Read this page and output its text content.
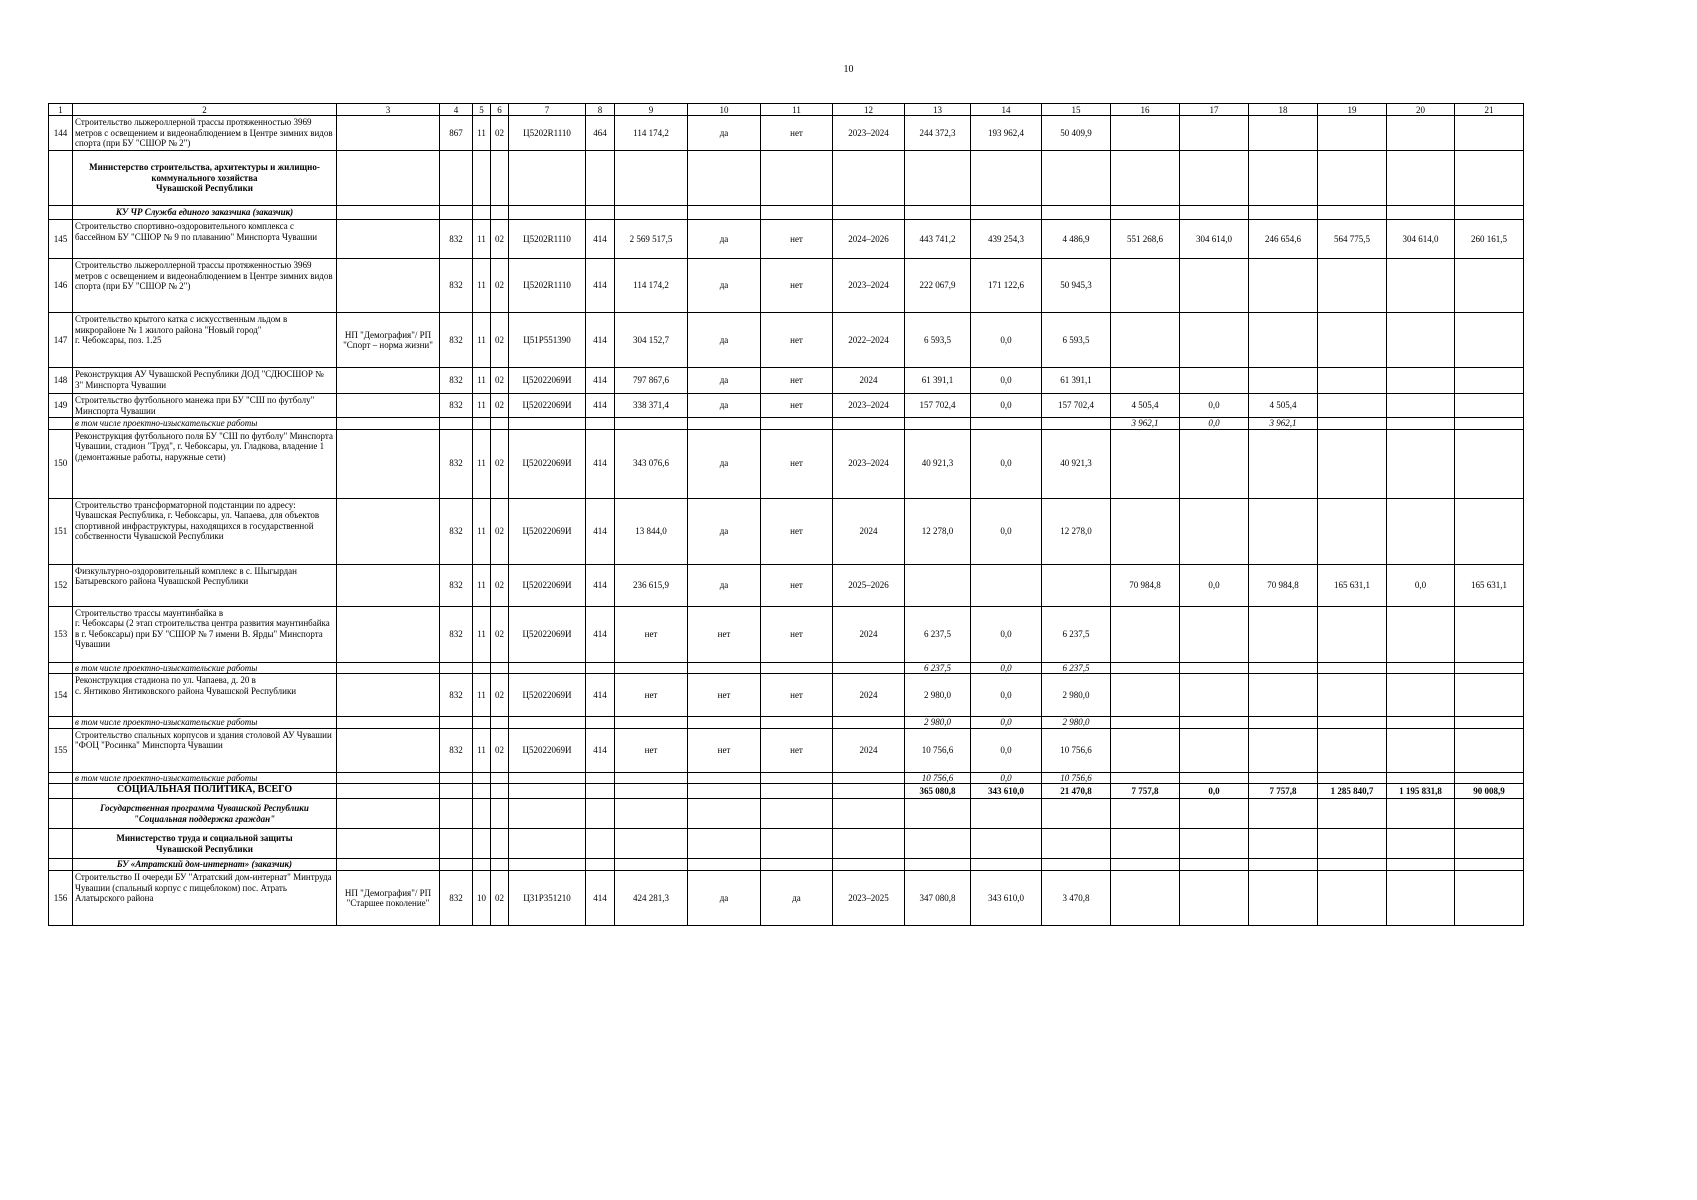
10
1	2	3	4	5	6	7	8	9	10	11	12	13	14	15	16	17	18	19	20	21
144	Строительство лыжероллерной трассы протяженностью 3969 метров с освещением и видеонаблюдением в Центре зимних видов спорта (при БУ "СШОР № 2")		867	11	02	Ц5202R1110	464	114 174,2	да	нет	2023–2024	244 372,3	193 962,4	50 409,9						
	Министерство строительства, архитектуры и жилищно-коммунального хозяйства
Чувашской Республики																			
	КУ ЧР Служба единого заказчика (заказчик)																			
145	Строительство спортивно-оздоровительного комплекса с бассейном БУ "СШОР № 9 по плаванию" Минспорта Чувашии		832	11	02	Ц5202R1110	414	2 569 517,5	да	нет	2024–2026	443 741,2	439 254,3	4 486,9	551 268,6	304 614,0	246 654,6	564 775,5	304 614,0	260 161,5
146	Строительство лыжероллерной трассы протяженностью 3969 метров с освещением и видеонаблюдением в Центре зимних видов спорта (при БУ "СШОР № 2")		832	11	02	Ц5202R1110	414	114 174,2	да	нет	2023–2024	222 067,9	171 122,6	50 945,3						
147	Строительство крытого катка с искусственным льдом в микрорайоне № 1 жилого района "Новый город"
г. Чебоксары, поз. 1.25	НП "Демография"/ РП "Спорт – норма жизни"	832	11	02	Ц51P551390	414	304 152,7	да	нет	2022–2024	6 593,5	0,0	6 593,5						
148	Реконструкция АУ Чувашской Республики ДОД "СДЮСШОР № 3" Минспорта Чувашии		832	11	02	Ц52022069И	414	797 867,6	да	нет	2024	61 391,1	0,0	61 391,1						
149	Строительство футбольного манежа при БУ "СШ по футболу" Минспорта Чувашии		832	11	02	Ц52022069И	414	338 371,4	да	нет	2023–2024	157 702,4	0,0	157 702,4	4 505,4	0,0	4 505,4			
	в том числе проектно-изыскательские работы														3 962,1	0,0	3 962,1			
150	Реконструкция футбольного поля БУ "СШ по футболу" Минспорта Чувашии, стадион "Труд", г. Чебоксары, ул. Гладкова, владение 1 (демонтажные работы, наружные сети)		832	11	02	Ц52022069И	414	343 076,6	да	нет	2023–2024	40 921,3	0,0	40 921,3						
151	Строительство трансформаторной подстанции по адресу: Чувашская Республика, г. Чебоксары, ул. Чапаева, для объектов спортивной инфраструктуры, находящихся в государственной собственности Чувашской Республики		832	11	02	Ц52022069И	414	13 844,0	да	нет	2024	12 278,0	0,0	12 278,0						
152	Физкультурно-оздоровительный комплекс в с. Шыгырдан Батыревского района Чувашской Республики		832	11	02	Ц52022069И	414	236 615,9	да	нет	2025–2026				70 984,8	0,0	70 984,8	165 631,1	0,0	165 631,1
153	Строительство трассы маунтинбайка в
г. Чебоксары (2 этап строительства центра развития маунтинбайка в г. Чебоксары) при БУ "СШОР № 7 имени В. Ярды" Минспорта Чувашии		832	11	02	Ц52022069И	414	нет	нет	нет	2024	6 237,5	0,0	6 237,5						
	в том числе проектно-изыскательские работы											6 237,5	0,0	6 237,5						
154	Реконструкция стадиона по ул. Чапаева, д. 20 в
с. Янтиково Янтиковского района Чувашской Республики		832	11	02	Ц52022069И	414	нет	нет	нет	2024	2 980,0	0,0	2 980,0						
	в том числе проектно-изыскательские работы											2 980,0	0,0	2 980,0						
155	Строительство спальных корпусов и здания столовой АУ Чувашии "ФОЦ "Росинка" Минспорта Чувашии		832	11	02	Ц52022069И	414	нет	нет	нет	2024	10 756,6	0,0	10 756,6						
	в том числе проектно-изыскательские работы											10 756,6	0,0	10 756,6						
	СОЦИАЛЬНАЯ ПОЛИТИКА, ВСЕГО											365 080,8	343 610,0	21 470,8	7 757,8	0,0	7 757,8	1 285 840,7	1 195 831,8	90 008,9
	Государственная программа Чувашской Республики
"Социальная поддержка граждан"																			
	Министерство труда и социальной защиты
Чувашской Республики																			
	БУ «Атратский дом-интернат» (заказчик)																			
156	Строительство II очереди БУ "Атратский дом-интернат" Минтруда Чувашии (спальный корпус с пищеблоком) пос. Атрать Алатырского района	НП "Демография"/ РП "Старшее поколение"	832	10	02	Ц31P351210	414	424 281,3	да	да	2023–2025	347 080,8	343 610,0	3 470,8						
